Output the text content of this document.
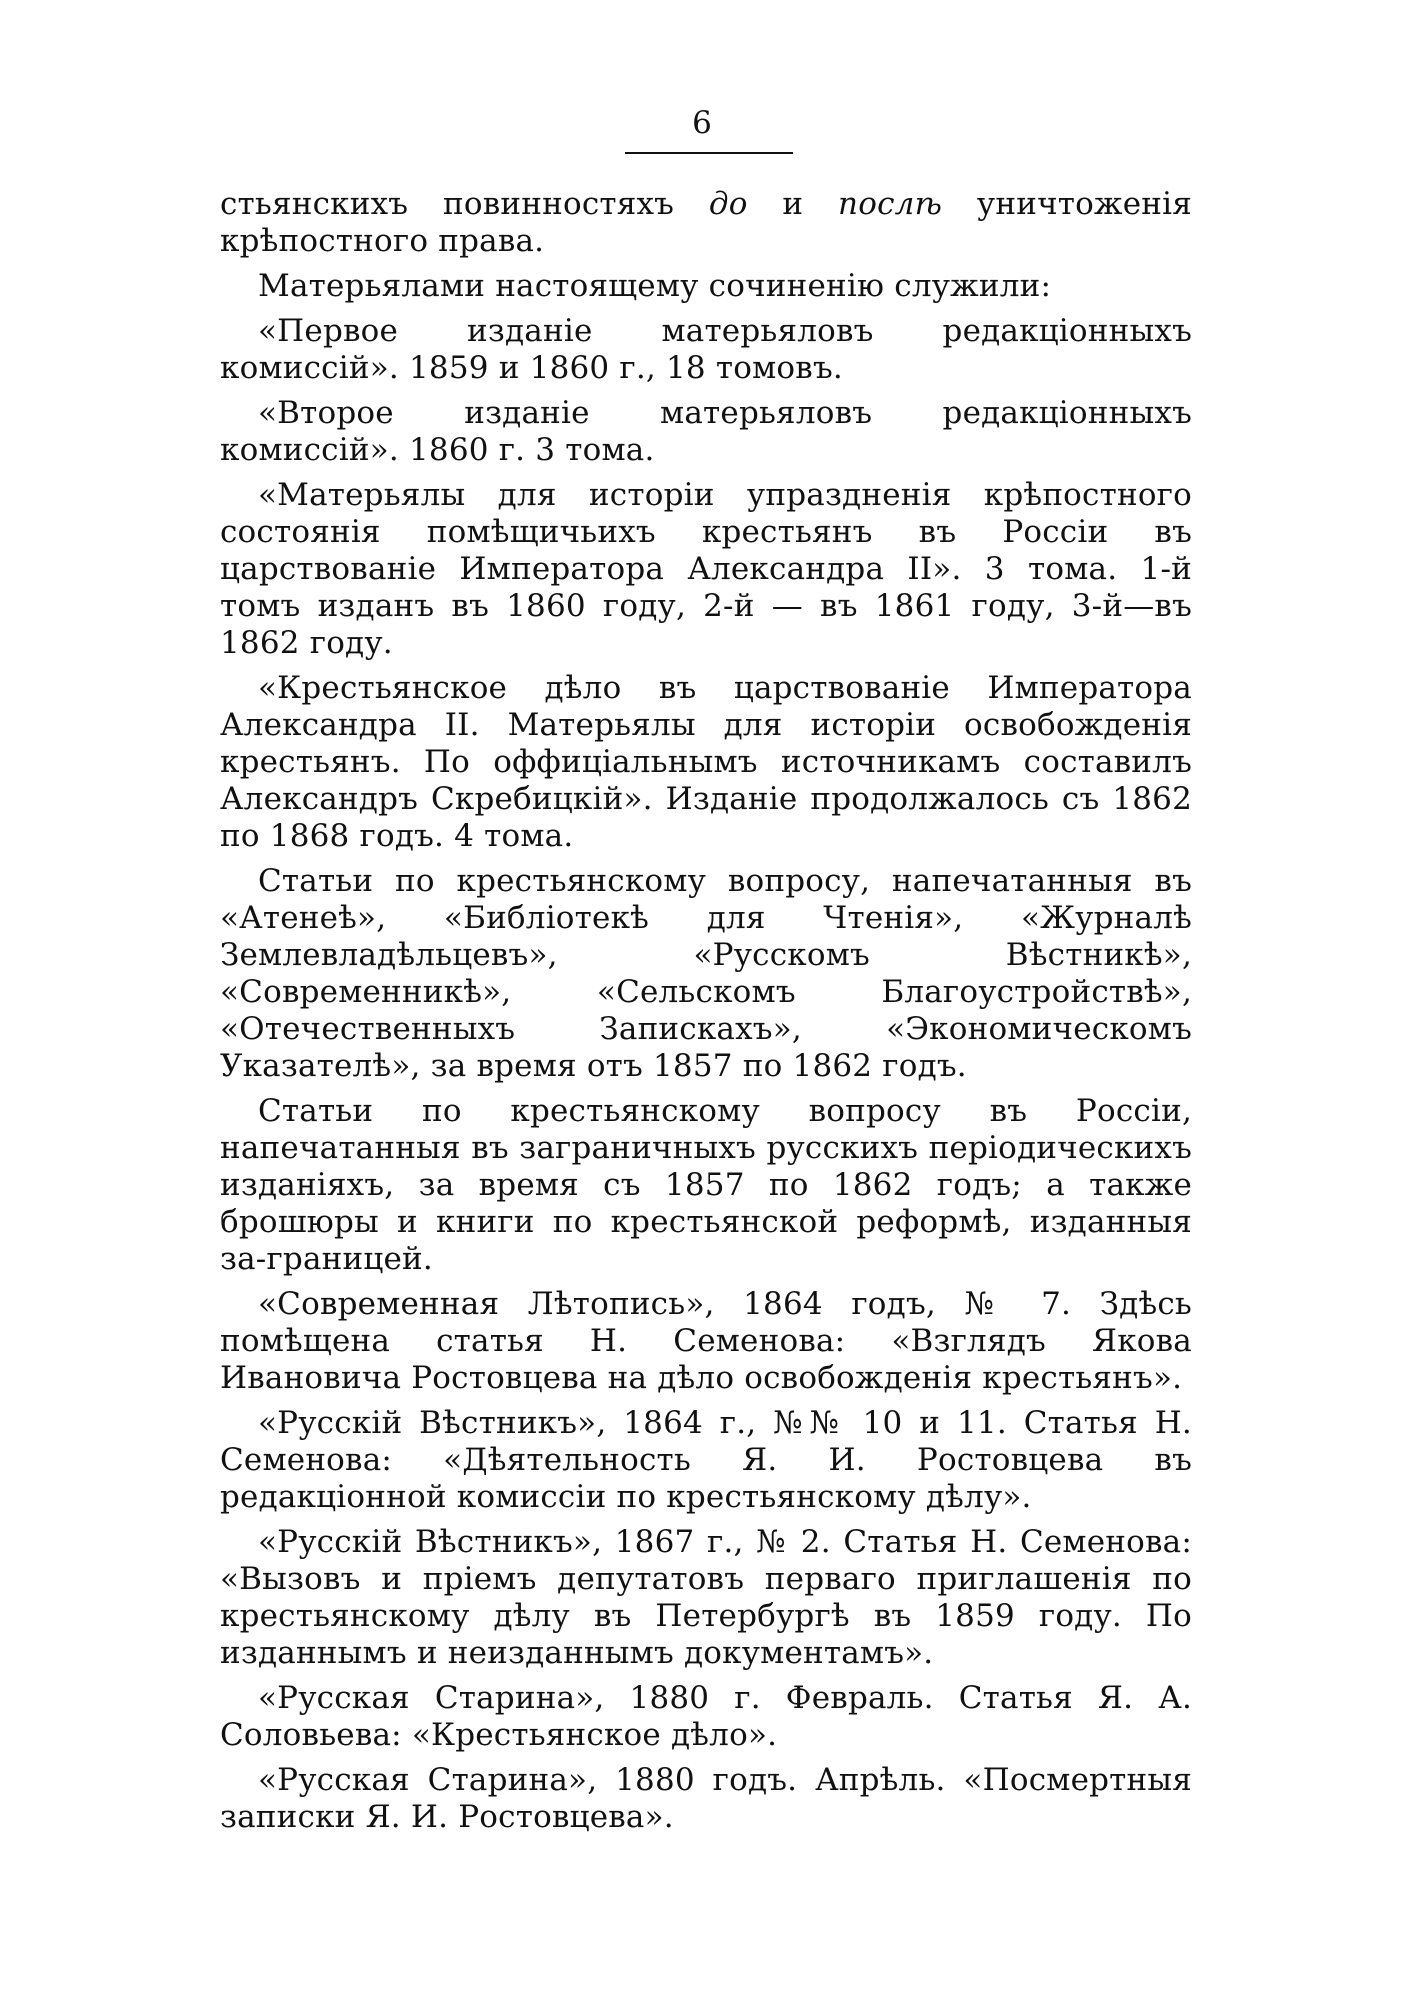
6

стьянскихъ повинностяхъ до и послѣ уничтоженія крѣпостного права.

Матерьялами настоящему сочиненію служили:

«Первое изданіе матерьяловъ редакціонныхъ комиссій». 1859 и 1860 г., 18 томовъ.

«Второе изданіе матерьяловъ редакціонныхъ комиссій». 1860 г. 3 тома.

«Матерьялы для исторіи упраздненія крѣпостного состоянія помѣщичьихъ крестьянъ въ Россіи въ царствованіе Императора Александра II». 3 тома. 1-й томъ изданъ въ 1860 году, 2-й — въ 1861 году, 3-й—въ 1862 году.

«Крестьянское дѣло въ царствованіе Императора Александра II. Матерьялы для исторіи освобожденія крестьянъ. По оффиціальнымъ источникамъ составилъ Александръ Скребицкій». Изданіе продолжалось съ 1862 по 1868 годъ. 4 тома.

Статьи по крестьянскому вопросу, напечатанныя въ «Атенеѣ», «Библіотекѣ для Чтенія», «Журналѣ Землевладѣльцевъ», «Русскомъ Вѣстникѣ», «Современникѣ», «Сельскомъ Благоустройствѣ», «Отечественныхъ Запискахъ», «Экономическомъ Указателѣ», за время отъ 1857 по 1862 годъ.

Статьи по крестьянскому вопросу въ Россіи, напечатанныя въ заграничныхъ русскихъ періодическихъ изданіяхъ, за время съ 1857 по 1862 годъ; а также брошюры и книги по крестьянской реформѣ, изданныя за-границей.

«Современная Лѣтопись», 1864 годъ, № 7. Здѣсь помѣщена статья Н. Семенова: «Взглядъ Якова Ивановича Ростовцева на дѣло освобожденія крестьянъ».

«Русскій Вѣстникъ», 1864 г., №№ 10 и 11. Статья Н. Семенова: «Дѣятельность Я. И. Ростовцева въ редакціонной комиссіи по крестьянскому дѣлу».

«Русскій Вѣстникъ», 1867 г., № 2. Статья Н. Семенова: «Вызовъ и пріемъ депутатовъ перваго приглашенія по крестьянскому дѣлу въ Петербургѣ въ 1859 году. По изданнымъ и неизданнымъ документамъ».

«Русская Старина», 1880 г. Февраль. Статья Я. А. Соловьева: «Крестьянское дѣло».

«Русская Старина», 1880 годъ. Апрѣль. «Посмертныя записки Я. И. Ростовцева».
